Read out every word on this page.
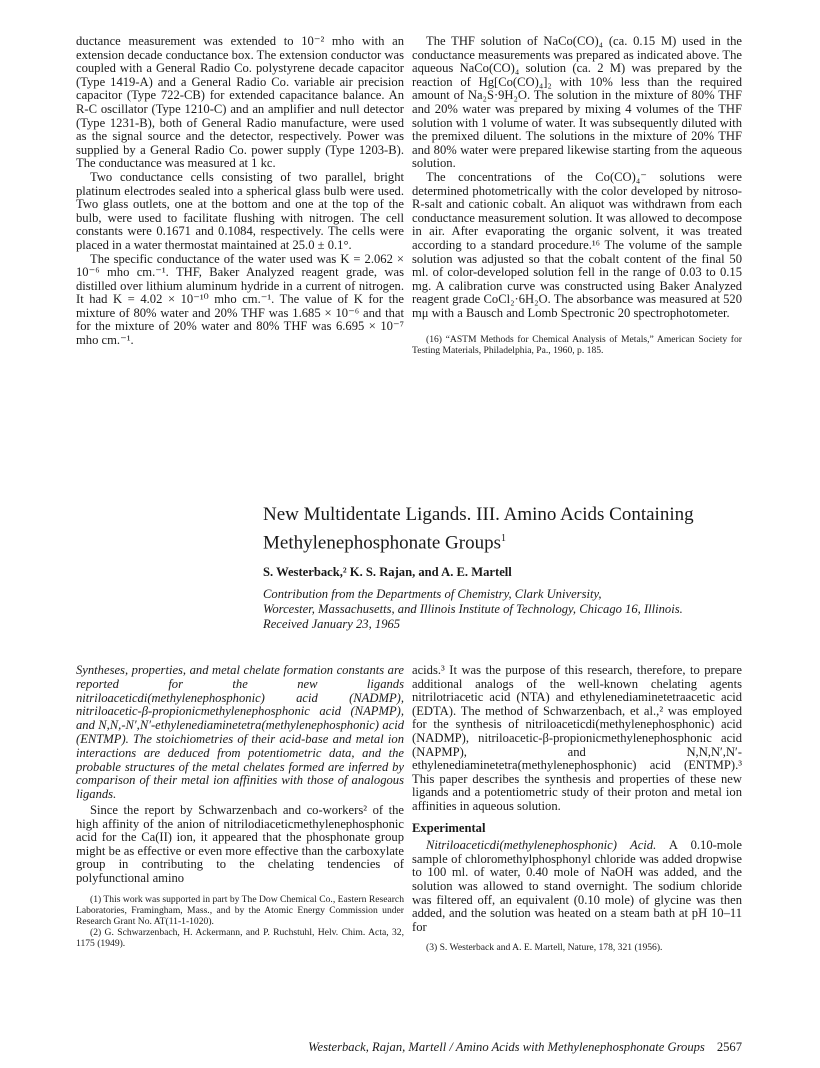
ductance measurement was extended to 10⁻² mho with an extension decade conductance box. The extension conductor was coupled with a General Radio Co. polystyrene decade capacitor (Type 1419-A) and a General Radio Co. variable air precision capacitor (Type 722-CB) for extended capacitance balance. An R-C oscillator (Type 1210-C) and an amplifier and null detector (Type 1231-B), both of General Radio manufacture, were used as the signal source and the detector, respectively. Power was supplied by a General Radio Co. power supply (Type 1203-B). The conductance was measured at 1 kc.

Two conductance cells consisting of two parallel, bright platinum electrodes sealed into a spherical glass bulb were used. Two glass outlets, one at the bottom and one at the top of the bulb, were used to facilitate flushing with nitrogen. The cell constants were 0.1671 and 0.1084, respectively. The cells were placed in a water thermostat maintained at 25.0 ± 0.1°.

The specific conductance of the water used was K = 2.062 × 10⁻⁶ mho cm.⁻¹. THF, Baker Analyzed reagent grade, was distilled over lithium aluminum hydride in a current of nitrogen. It had K = 4.02 × 10⁻¹⁰ mho cm.⁻¹. The value of K for the mixture of 80% water and 20% THF was 1.685 × 10⁻⁶ and that for the mixture of 20% water and 80% THF was 6.695 × 10⁻⁷ mho cm.⁻¹.

The THF solution of NaCo(CO)₄ (ca. 0.15 M) used in the conductance measurements was prepared as indicated above. The aqueous NaCo(CO)₄ solution (ca. 2 M) was prepared by the reaction of Hg[Co(CO)₄]₂ with 10% less than the required amount of Na₂S·9H₂O. The solution in the mixture of 80% THF and 20% water was prepared by mixing 4 volumes of the THF solution with 1 volume of water. It was subsequently diluted with the premixed diluent. The solutions in the mixture of 20% THF and 80% water were prepared likewise starting from the aqueous solution.

The concentrations of the Co(CO)₄⁻ solutions were determined photometrically with the color developed by nitroso-R-salt and cationic cobalt. An aliquot was withdrawn from each conductance measurement solution. It was allowed to decompose in air. After evaporating the organic solvent, it was treated according to a standard procedure.¹⁶ The volume of the sample solution was adjusted so that the cobalt content of the final 50 ml. of color-developed solution fell in the range of 0.03 to 0.15 mg. A calibration curve was constructed using Baker Analyzed reagent grade CoCl₂·6H₂O. The absorbance was measured at 520 mμ with a Bausch and Lomb Spectronic 20 spectrophotometer.

(16) “ASTM Methods for Chemical Analysis of Metals,” American Society for Testing Materials, Philadelphia, Pa., 1960, p. 185.

New Multidentate Ligands. III. Amino Acids Containing
Methylenephosphonate Groups$^1$
S. Westerback,² K. S. Rajan, and A. E. Martell
Contribution from the Departments of Chemistry, Clark University,
Worcester, Massachusetts, and Illinois Institute of Technology, Chicago 16, Illinois.
Received January 23, 1965

Syntheses, properties, and metal chelate formation constants are reported for the new ligands nitriloaceticdi(methylenephosphonic) acid (NADMP), nitriloacetic-β-propionicmethylenephosphonic acid (NAPMP), and N,N,-N′,N′-ethylenediaminetetra(methylenephosphonic) acid (ENTMP). The stoichiometries of their acid-base and metal ion interactions are deduced from potentiometric data, and the probable structures of the metal chelates formed are inferred by comparison of their metal ion affinities with those of analogous ligands.

Since the report by Schwarzenbach and co-workers² of the high affinity of the anion of nitrilodiaceticmethylenephosphonic acid for the Ca(II) ion, it appeared that the phosphonate group might be as effective or even more effective than the carboxylate group in contributing to the chelating tendencies of polyfunctional amino

(1) This work was supported in part by The Dow Chemical Co., Eastern Research Laboratories, Framingham, Mass., and by the Atomic Energy Commission under Research Grant No. AT(11-1-1020).

(2) G. Schwarzenbach, H. Ackermann, and P. Ruchstuhl, Helv. Chim. Acta, 32, 1175 (1949).

acids.³ It was the purpose of this research, therefore, to prepare additional analogs of the well-known chelating agents nitrilotriacetic acid (NTA) and ethylenediaminetetraacetic acid (EDTA). The method of Schwarzenbach, et al.,² was employed for the synthesis of nitriloaceticdi(methylenephosphonic) acid (NADMP), nitriloacetic-β-propionicmethylenephosphonic acid (NAPMP), and N,N,N′,N′-ethylenediaminetetra(methylenephosphonic) acid (ENTMP).³ This paper describes the synthesis and properties of these new ligands and a potentiometric study of their proton and metal ion affinities in aqueous solution.

Experimental

Nitriloaceticdi(methylenephosphonic) Acid. A 0.10-mole sample of chloromethylphosphonyl chloride was added dropwise to 100 ml. of water, 0.40 mole of NaOH was added, and the solution was allowed to stand overnight. The sodium chloride was filtered off, an equivalent (0.10 mole) of glycine was then added, and the solution was heated on a steam bath at pH 10–11 for

(3) S. Westerback and A. E. Martell, Nature, 178, 321 (1956).

Westerback, Rajan, Martell / Amino Acids with Methylenephosphonate Groups 2567
